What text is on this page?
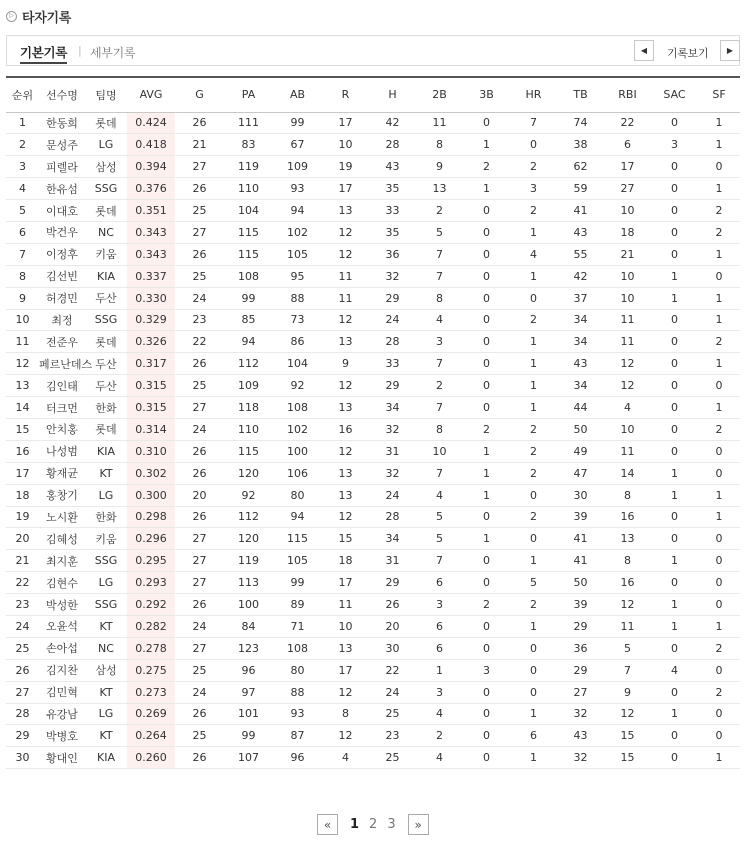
▷ 타자기록
기본기록 | 세부기록	◀	기록보기	▶
순위	선수명	팀명	AVG	G	PA	AB	R	H	2B	3B	HR	TB	RBI	SAC	SF
1	한동희	롯데	0.424	26	111	99	17	42	11	0	7	74	22	0	1
2	문성주	LG	0.418	21	83	67	10	28	8	1	0	38	6	3	1
3	피렐라	삼성	0.394	27	119	109	19	43	9	2	2	62	17	0	0
4	한유섬	SSG	0.376	26	110	93	17	35	13	1	3	59	27	0	1
5	이대호	롯데	0.351	25	104	94	13	33	2	0	2	41	10	0	2
6	박건우	NC	0.343	27	115	102	12	35	5	0	1	43	18	0	2
7	이정후	키움	0.343	26	115	105	12	36	7	0	4	55	21	0	1
8	김선빈	KIA	0.337	25	108	95	11	32	7	0	1	42	10	1	0
9	허경민	두산	0.330	24	99	88	11	29	8	0	0	37	10	1	1
10	최정	SSG	0.329	23	85	73	12	24	4	0	2	34	11	0	1
11	전준우	롯데	0.326	22	94	86	13	28	3	0	1	34	11	0	2
12	페르난데스	두산	0.317	26	112	104	9	33	7	0	1	43	12	0	1
13	김인태	두산	0.315	25	109	92	12	29	2	0	1	34	12	0	0
14	터크먼	한화	0.315	27	118	108	13	34	7	0	1	44	4	0	1
15	안치홍	롯데	0.314	24	110	102	16	32	8	2	2	50	10	0	2
16	나성범	KIA	0.310	26	115	100	12	31	10	1	2	49	11	0	0
17	황재균	KT	0.302	26	120	106	13	32	7	1	2	47	14	1	0
18	홍창기	LG	0.300	20	92	80	13	24	4	1	0	30	8	1	1
19	노시환	한화	0.298	26	112	94	12	28	5	0	2	39	16	0	1
20	김혜성	키움	0.296	27	120	115	15	34	5	1	0	41	13	0	0
21	최지훈	SSG	0.295	27	119	105	18	31	7	0	1	41	8	1	0
22	김현수	LG	0.293	27	113	99	17	29	6	0	5	50	16	0	0
23	박성한	SSG	0.292	26	100	89	11	26	3	2	2	39	12	1	0
24	오윤석	KT	0.282	24	84	71	10	20	6	0	1	29	11	1	1
25	손아섭	NC	0.278	27	123	108	13	30	6	0	0	36	5	0	2
26	김지찬	삼성	0.275	25	96	80	17	22	1	3	0	29	7	4	0
27	김민혁	KT	0.273	24	97	88	12	24	3	0	0	27	9	0	2
28	유강남	LG	0.269	26	101	93	8	25	4	0	1	32	12	1	0
29	박병호	KT	0.264	25	99	87	12	23	2	0	6	43	15	0	0
30	황대인	KIA	0.260	26	107	96	4	25	4	0	1	32	15	0	1
«	1 2 3	»
